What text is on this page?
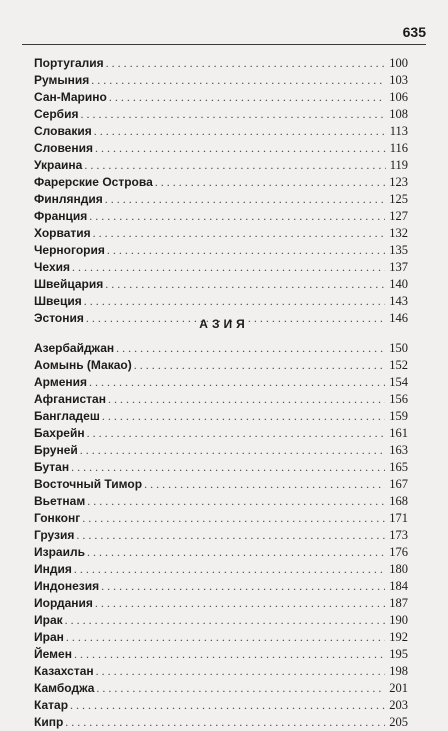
635
Португалия . . .	100
Румыния . . .	103
Сан-Марино . . .	106
Сербия . . .	108
Словакия . . .	113
Словения . . .	116
Украина . . .	119
Фарерские Острова . . .	123
Финляндия . . .	125
Франция . . .	127
Хорватия . . .	132
Черногория . . .	135
Чехия . . .	137
Швейцария . . .	140
Швеция . . .	143
Эстония . . .	146
АЗИЯ
Азербайджан . . .	150
Аомынь (Макао) . . .	152
Армения . . .	154
Афганистан . . .	156
Бангладеш . . .	159
Бахрейн . . .	161
Бруней . . .	163
Бутан . . .	165
Восточный Тимор . . .	167
Вьетнам . . .	168
Гонконг . . .	171
Грузия . . .	173
Израиль . . .	176
Индия . . .	180
Индонезия . . .	184
Иордания . . .	187
Ирак . . .	190
Иран . . .	192
Йемен . . .	195
Казахстан . . .	198
Камбоджа . . .	201
Катар . . .	203
Кипр . . .	205
